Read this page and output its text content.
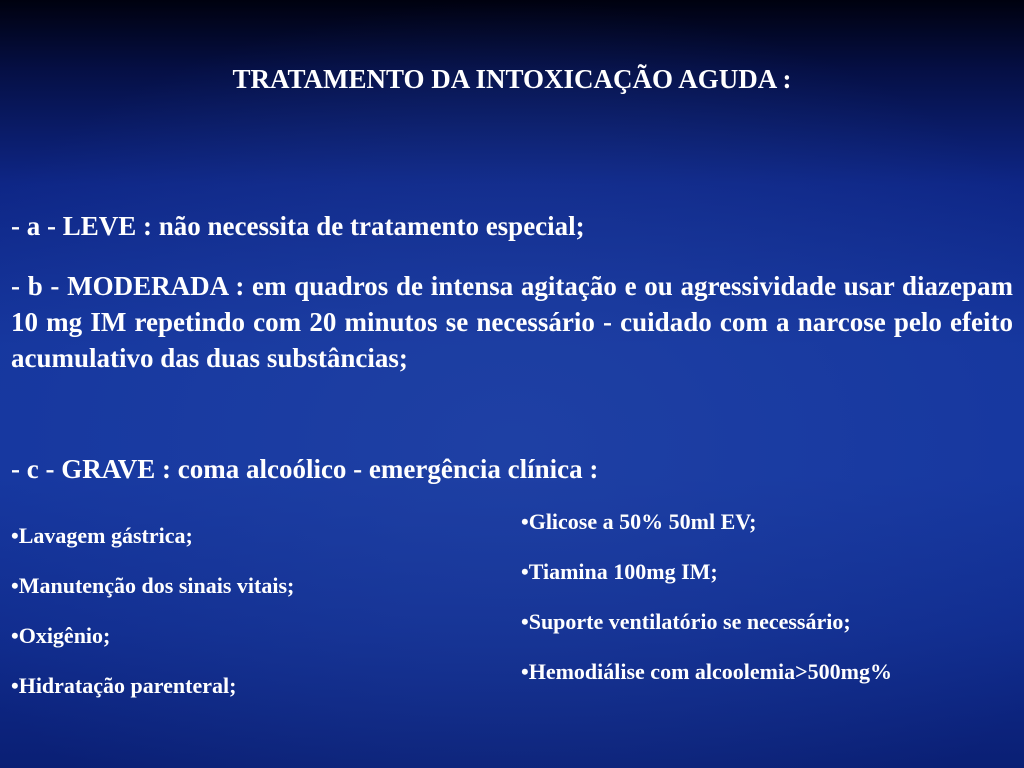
TRATAMENTO DA INTOXICAÇÃO AGUDA :
- a - LEVE : não necessita de tratamento especial;
- b - MODERADA : em quadros de intensa agitação e ou agressividade usar diazepam 10 mg IM repetindo com 20 minutos se necessário - cuidado com a narcose pelo efeito acumulativo das duas substâncias;
- c - GRAVE : coma alcoólico - emergência clínica :
•Lavagem gástrica;
•Manutenção dos sinais vitais;
•Oxigênio;
•Hidratação parenteral;
•Glicose a 50% 50ml EV;
•Tiamina 100mg IM;
•Suporte ventilatório se necessário;
•Hemodiálise com alcoolemia>500mg%
